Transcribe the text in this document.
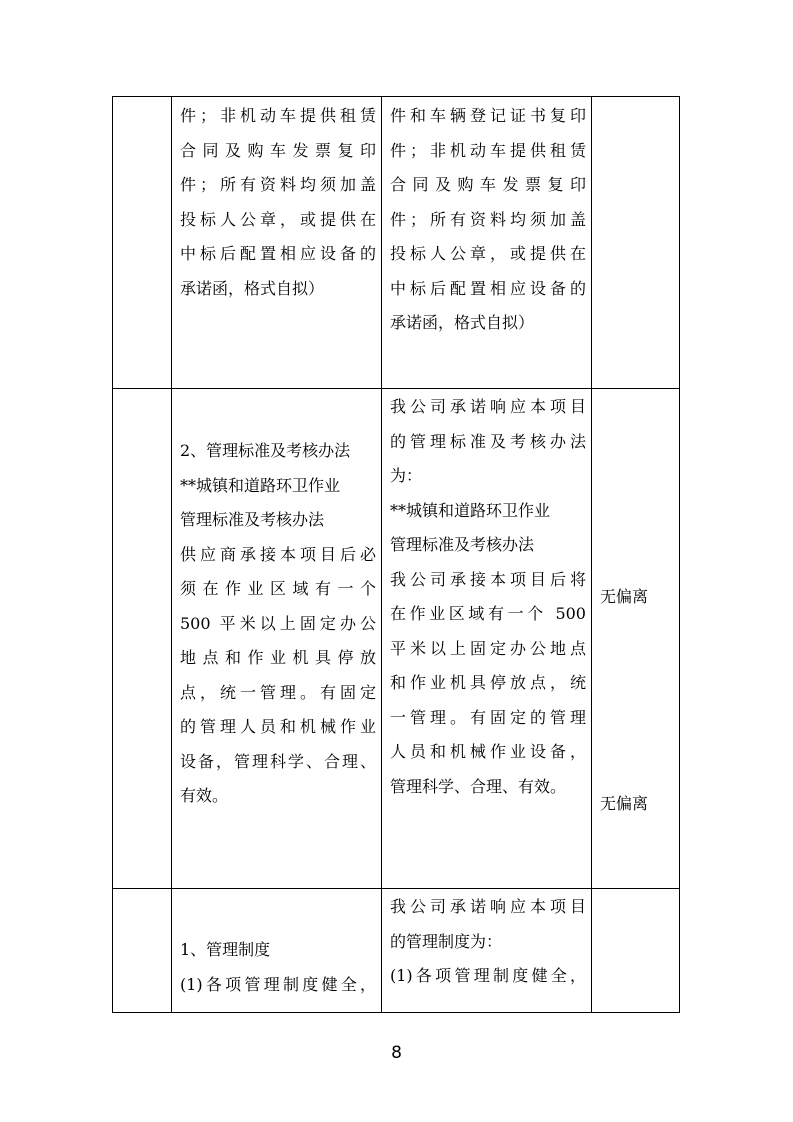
件；非机动车提供租赁
合同及购车发票复印
件；所有资料均须加盖
投标人公章，或提供在
中标后配置相应设备的
承诺函，格式自拟）
件和车辆登记证书复印
件；非机动车提供租赁
合同及购车发票复印
件；所有资料均须加盖
投标人公章，或提供在
中标后配置相应设备的
承诺函，格式自拟）
2、管理标准及考核办法
**城镇和道路环卫作业
管理标准及考核办法
供应商承接本项目后必
须在作业区域有一个
500 平米以上固定办公
地点和作业机具停放
点，统一管理。有固定
的管理人员和机械作业
设备，管理科学、合理、
有效。
我公司承诺响应本项目
的管理标准及考核办法
为：
**城镇和道路环卫作业
管理标准及考核办法
我公司承接本项目后将
在作业区域有一个 500
平米以上固定办公地点
和作业机具停放点，统
一管理。有固定的管理
人员和机械作业设备，
管理科学、合理、有效。
无偏离
无偏离
1、管理制度
(1)各项管理制度健全，
我公司承诺响应本项目
的管理制度为：
(1)各项管理制度健全，
8
